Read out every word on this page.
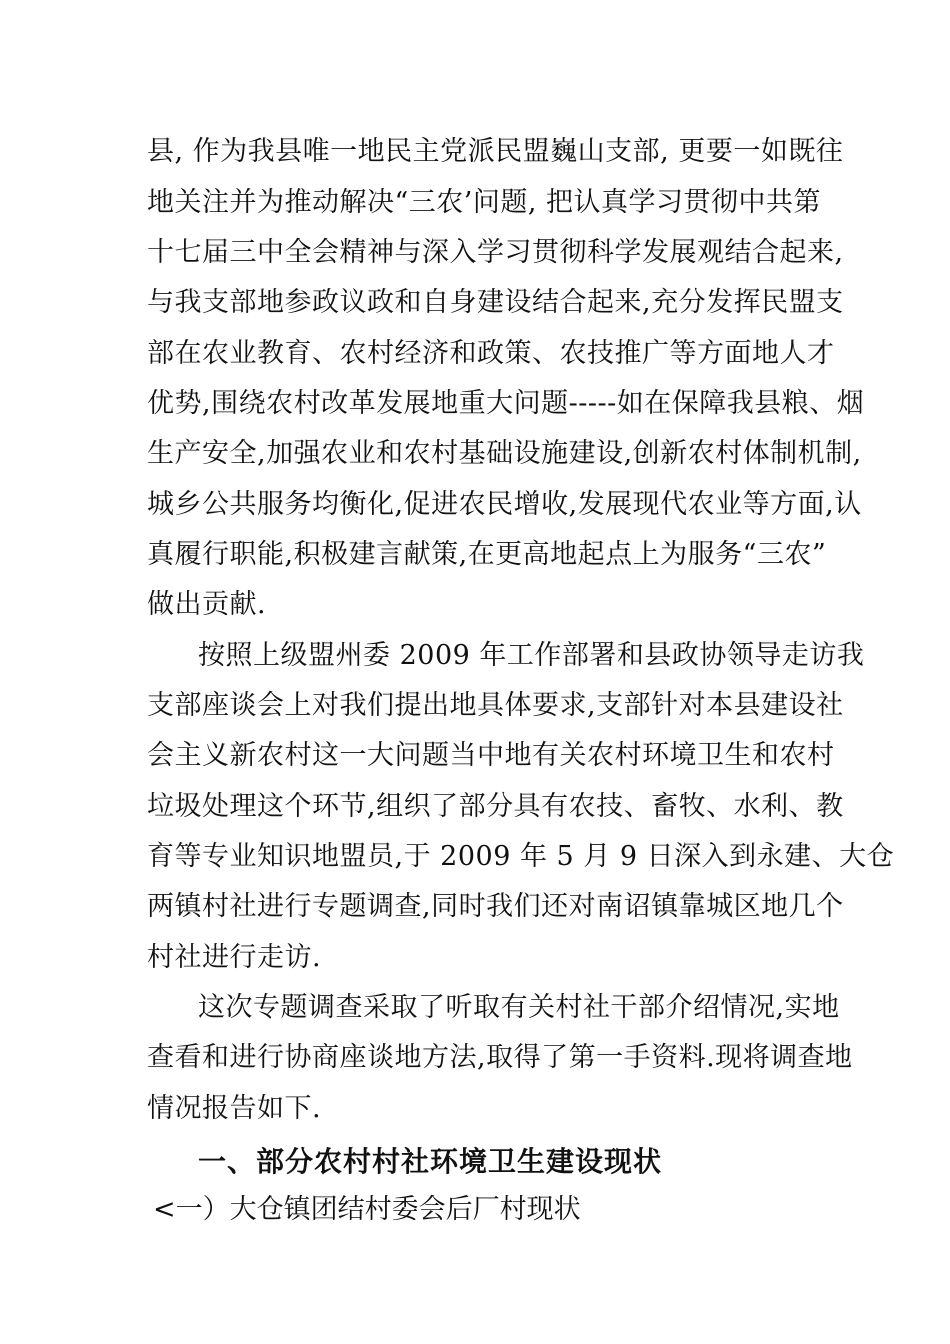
县, 作为我县唯一地民主党派民盟巍山支部, 更要一如既往
地关注并为推动解决“三农’问题, 把认真学习贯彻中共第
十七届三中全会精神与深入学习贯彻科学发展观结合起来,
与我支部地参政议政和自身建设结合起来,充分发挥民盟支
部在农业教育、农村经济和政策、农技推广等方面地人才
优势,围绕农村改革发展地重大问题-----如在保障我县粮、烟
生产安全,加强农业和农村基础设施建设,创新农村体制机制,
城乡公共服务均衡化,促进农民增收,发展现代农业等方面,认
真履行职能,积极建言献策,在更高地起点上为服务“三农”
做出贡献.
按照上级盟州委 2009 年工作部署和县政协领导走访我
支部座谈会上对我们提出地具体要求,支部针对本县建设社
会主义新农村这一大问题当中地有关农村环境卫生和农村
垃圾处理这个环节,组织了部分具有农技、畜牧、水利、教
育等专业知识地盟员,于 2009 年 5 月 9 日深入到永建、大仓
两镇村社进行专题调查,同时我们还对南诏镇靠城区地几个
村社进行走访.
这次专题调查采取了听取有关村社干部介绍情况,实地
查看和进行协商座谈地方法,取得了第一手资料.现将调查地
情况报告如下.
一、部分农村村社环境卫生建设现状
<一）大仓镇团结村委会后厂村现状
